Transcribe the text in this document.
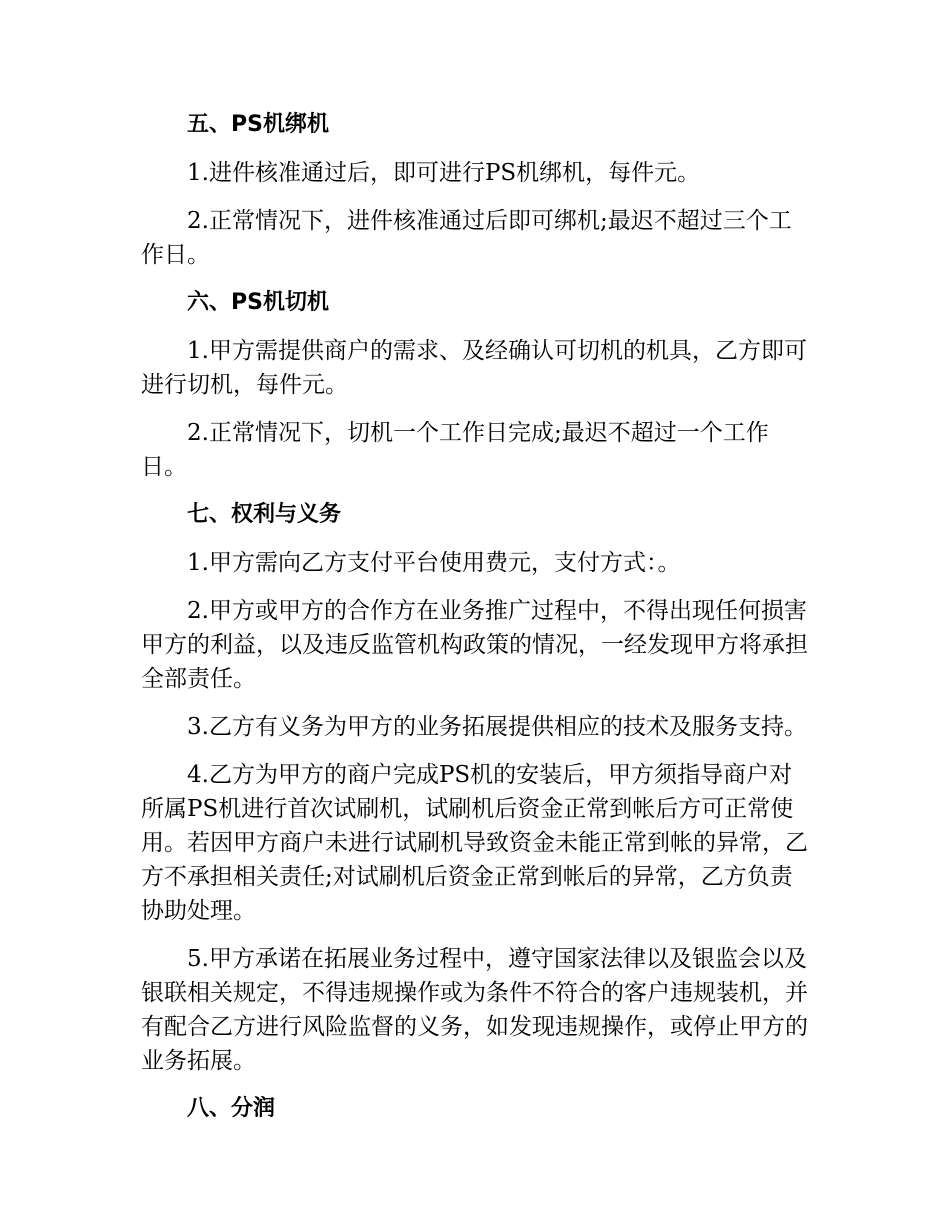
五、PS机绑机

1.进件核准通过后，即可进行PS机绑机，每件元。

2.正常情况下，进件核准通过后即可绑机;最迟不超过三个工作日。

六、PS机切机

1.甲方需提供商户的需求、及经确认可切机的机具，乙方即可进行切机，每件元。

2.正常情况下，切机一个工作日完成;最迟不超过一个工作日。

七、权利与义务

1.甲方需向乙方支付平台使用费元，支付方式：。

2.甲方或甲方的合作方在业务推广过程中，不得出现任何损害甲方的利益，以及违反监管机构政策的情况，一经发现甲方将承担全部责任。

3.乙方有义务为甲方的业务拓展提供相应的技术及服务支持。

4.乙方为甲方的商户完成PS机的安装后，甲方须指导商户对所属PS机进行首次试刷机，试刷机后资金正常到帐后方可正常使用。若因甲方商户未进行试刷机导致资金未能正常到帐的异常，乙方不承担相关责任;对试刷机后资金正常到帐后的异常，乙方负责协助处理。

5.甲方承诺在拓展业务过程中，遵守国家法律以及银监会以及银联相关规定，不得违规操作或为条件不符合的客户违规装机，并有配合乙方进行风险监督的义务，如发现违规操作，或停止甲方的业务拓展。

八、分润
